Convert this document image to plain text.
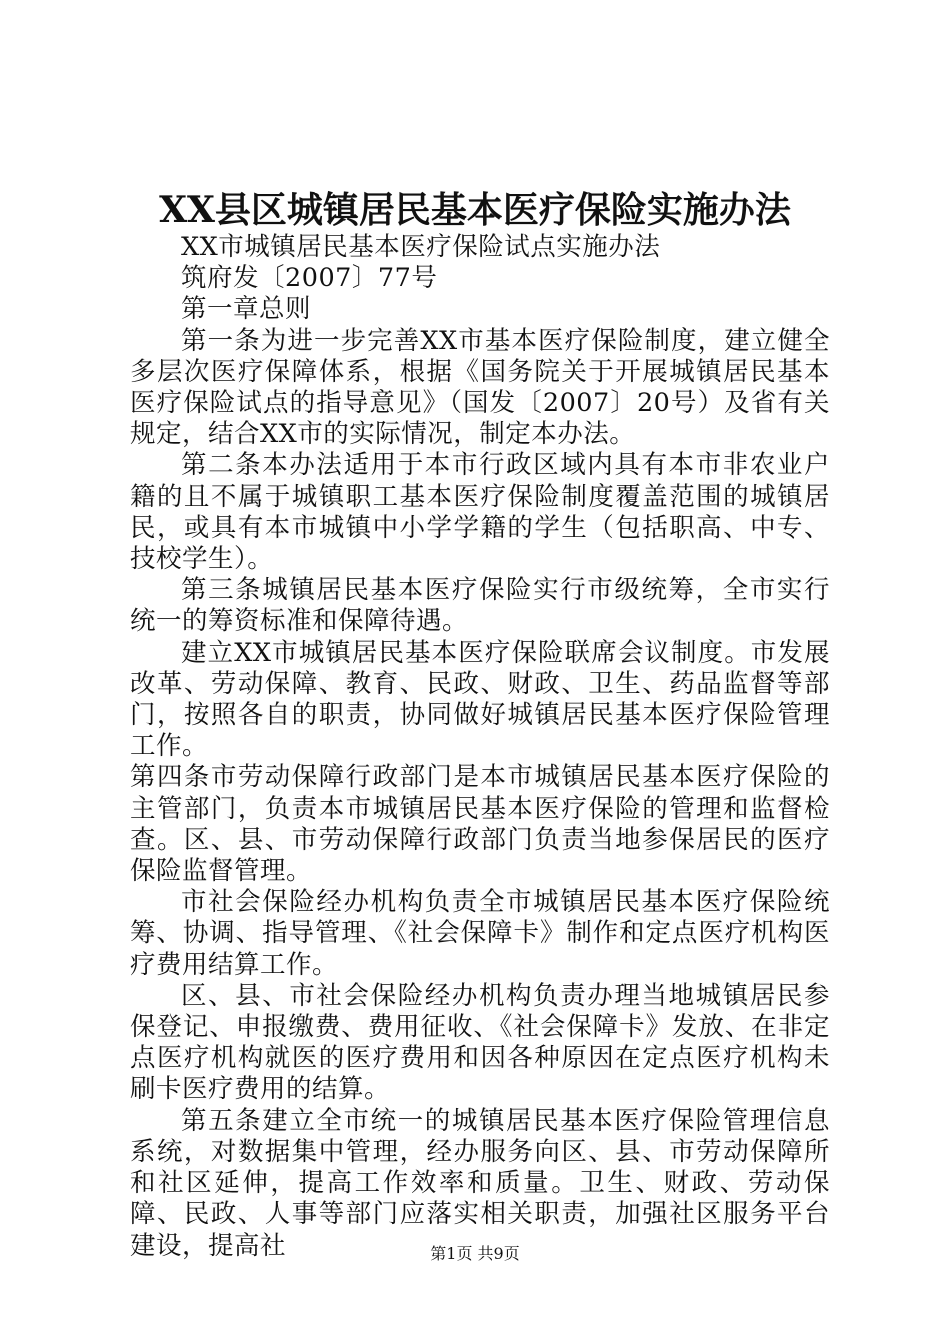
XX县区城镇居民基本医疗保险实施办法

XX市城镇居民基本医疗保险试点实施办法

筑府发〔2007〕77号

第一章总则

第一条为进一步完善XX市基本医疗保险制度，建立健全多层次医疗保障体系，根据《国务院关于开展城镇居民基本医疗保险试点的指导意见》（国发〔2007〕20号）及省有关规定，结合XX市的实际情况，制定本办法。

第二条本办法适用于本市行政区域内具有本市非农业户籍的且不属于城镇职工基本医疗保险制度覆盖范围的城镇居民，或具有本市城镇中小学学籍的学生（包括职高、中专、技校学生）。

第三条城镇居民基本医疗保险实行市级统筹，全市实行统一的筹资标准和保障待遇。

建立XX市城镇居民基本医疗保险联席会议制度。市发展改革、劳动保障、教育、民政、财政、卫生、药品监督等部门，按照各自的职责，协同做好城镇居民基本医疗保险管理工作。

第四条市劳动保障行政部门是本市城镇居民基本医疗保险的主管部门，负责本市城镇居民基本医疗保险的管理和监督检查。区、县、市劳动保障行政部门负责当地参保居民的医疗保险监督管理。

市社会保险经办机构负责全市城镇居民基本医疗保险统筹、协调、指导管理、《社会保障卡》制作和定点医疗机构医疗费用结算工作。

区、县、市社会保险经办机构负责办理当地城镇居民参保登记、申报缴费、费用征收、《社会保障卡》发放、在非定点医疗机构就医的医疗费用和因各种原因在定点医疗机构未刷卡医疗费用的结算。

第五条建立全市统一的城镇居民基本医疗保险管理信息系统，对数据集中管理，经办服务向区、县、市劳动保障所和社区延伸，提高工作效率和质量。卫生、财政、劳动保障、民政、人事等部门应落实相关职责，加强社区服务平台建设，提高社	第1页 共9页
